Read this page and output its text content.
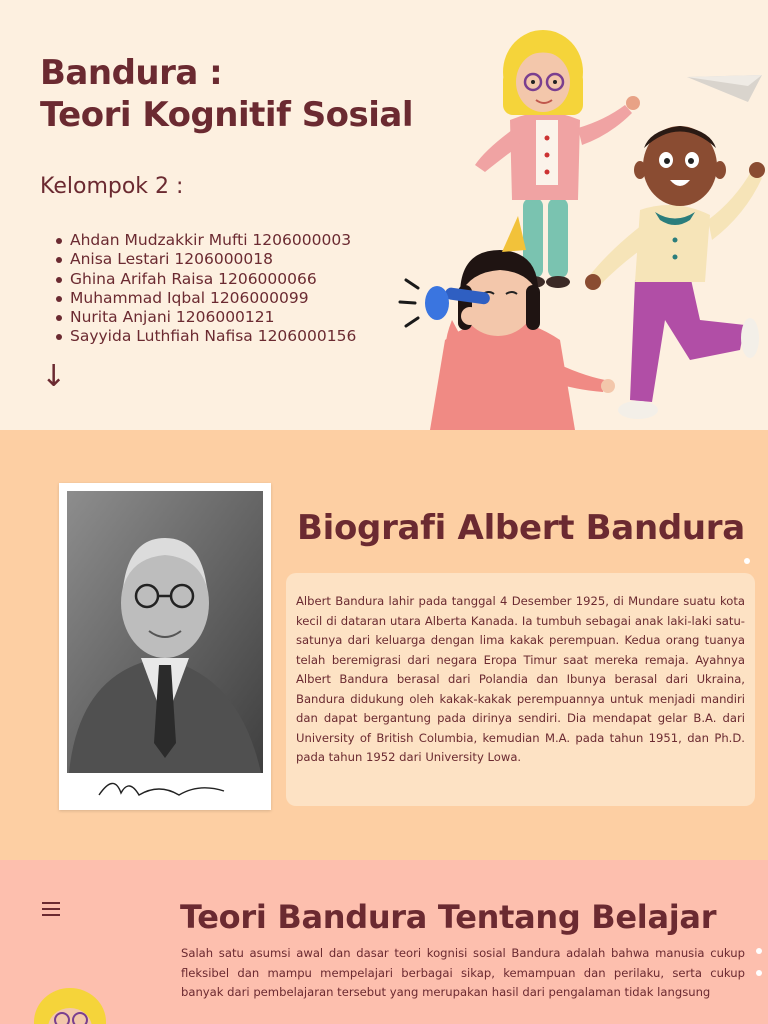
Bandura :
Teori Kognitif Sosial
Kelompok 2 :
Ahdan Mudzakkir Mufti 1206000003
Anisa Lestari 1206000018
Ghina Arifah Raisa 1206000066
Muhammad Iqbal 1206000099
Nurita Anjani 1206000121
Sayyida Luthfiah Nafisa 1206000156
↓
Biografi Albert Bandura

Albert Bandura lahir pada tanggal 4 Desember 1925, di Mundare suatu kota kecil di dataran utara Alberta Kanada. Ia tumbuh sebagai anak laki-laki satu-satunya dari keluarga dengan lima kakak perempuan. Kedua orang tuanya telah beremigrasi dari negara Eropa Timur saat mereka remaja. Ayahnya Albert Bandura berasal dari Polandia dan Ibunya berasal dari Ukraina, Bandura didukung oleh kakak-kakak perempuannya untuk menjadi mandiri dan dapat bergantung pada dirinya sendiri. Dia mendapat gelar B.A. dari University of British Columbia, kemudian M.A. pada tahun 1951, dan Ph.D. pada tahun 1952 dari University Lowa.

Teori Bandura Tentang Belajar

Salah satu asumsi awal dan dasar teori kognisi sosial Bandura adalah bahwa manusia cukup fleksibel dan mampu mempelajari berbagai sikap, kemampuan dan perilaku, serta cukup banyak dari pembelajaran tersebut yang merupakan hasil dari pengalaman tidak langsung
